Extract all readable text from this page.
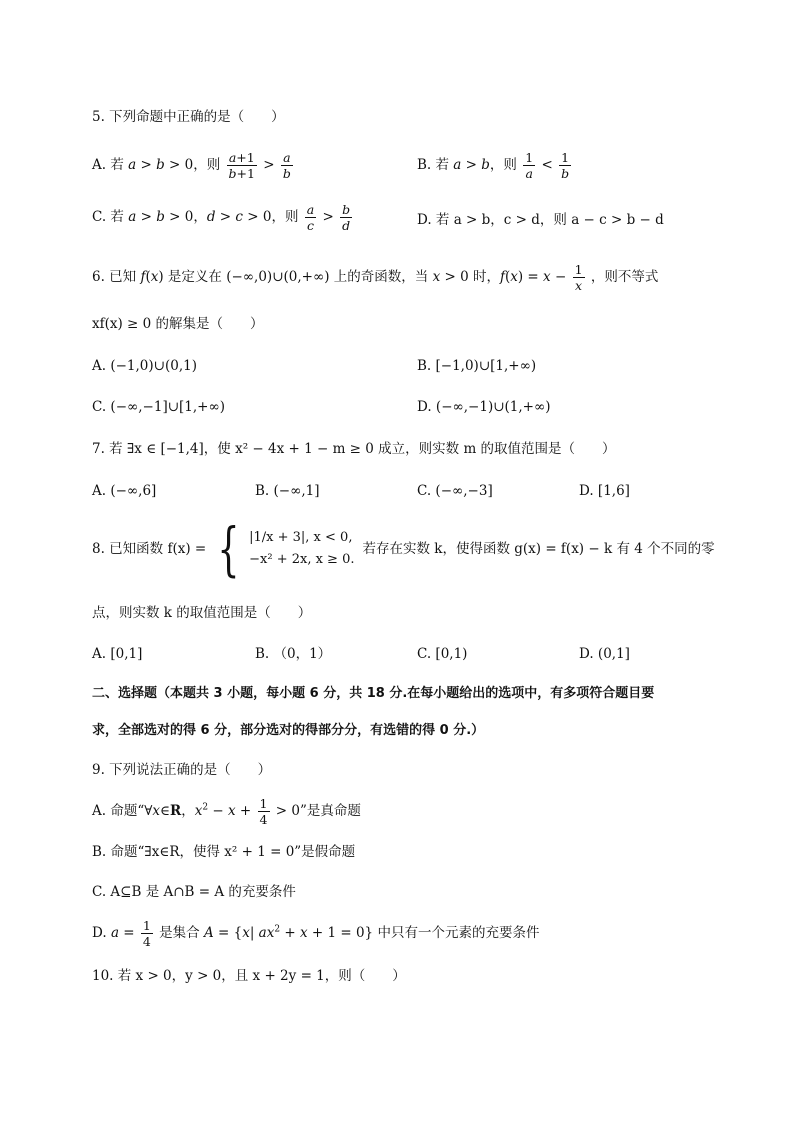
5. 下列命题中正确的是（　　）
A. 若 a > b > 0，则 $\frac{a+1}{b+1} > \frac{a}{b}$	B. 若 a > b，则 $\frac{1}{a} < \frac{1}{b}$
C. 若 a > b > 0，d > c > 0，则 $\frac{a}{c} > \frac{b}{d}$	D. 若 a > b，c > d，则 a − c > b − d
6. 已知 f(x) 是定义在 (−∞,0)∪(0,+∞) 上的奇函数，当 x > 0 时，$f(x) = x - \frac{1}{x}$ ，则不等式
xf(x) ≥ 0 的解集是（　　）
A. (−1,0)∪(0,1)	B. [−1,0)∪[1,+∞)
C. (−∞,−1]∪[1,+∞)	D. (−∞,−1)∪(1,+∞)
7. 若 ∃x ∈ [−1,4]，使 x² − 4x + 1 − m ≥ 0 成立，则实数 m 的取值范围是（　　）
A. (−∞,6]	B. (−∞,1]	C. (−∞,−3]	D. [1,6]
8. 已知函数 f(x) = { |1/x + 3|, x < 0,
−x² + 2x, x ≥ 0.
若存在实数 k，使得函数 g(x) = f(x) − k 有 4 个不同的零
点，则实数 k 的取值范围是（　　）
A. [0,1]	B. （0，1）	C. [0,1)	D. (0,1]
二、选择题（本题共 3 小题，每小题 6 分，共 18 分.在每小题给出的选项中，有多项符合题目要
求，全部选对的得 6 分，部分选对的得部分分，有选错的得 0 分.）
9. 下列说法正确的是（　　）
A. 命题“∀x∈R，$x^2 - x + \frac{1}{4} > 0$”是真命题
B. 命题“∃x∈R，使得 x² + 1 = 0”是假命题
C. A⊆B 是 A∩B = A 的充要条件
D. $a = \frac{1}{4}$ 是集合 A = {x| $ax^2 + x + 1 = 0$} 中只有一个元素的充要条件
10. 若 x > 0，y > 0，且 x + 2y = 1，则（　　）
